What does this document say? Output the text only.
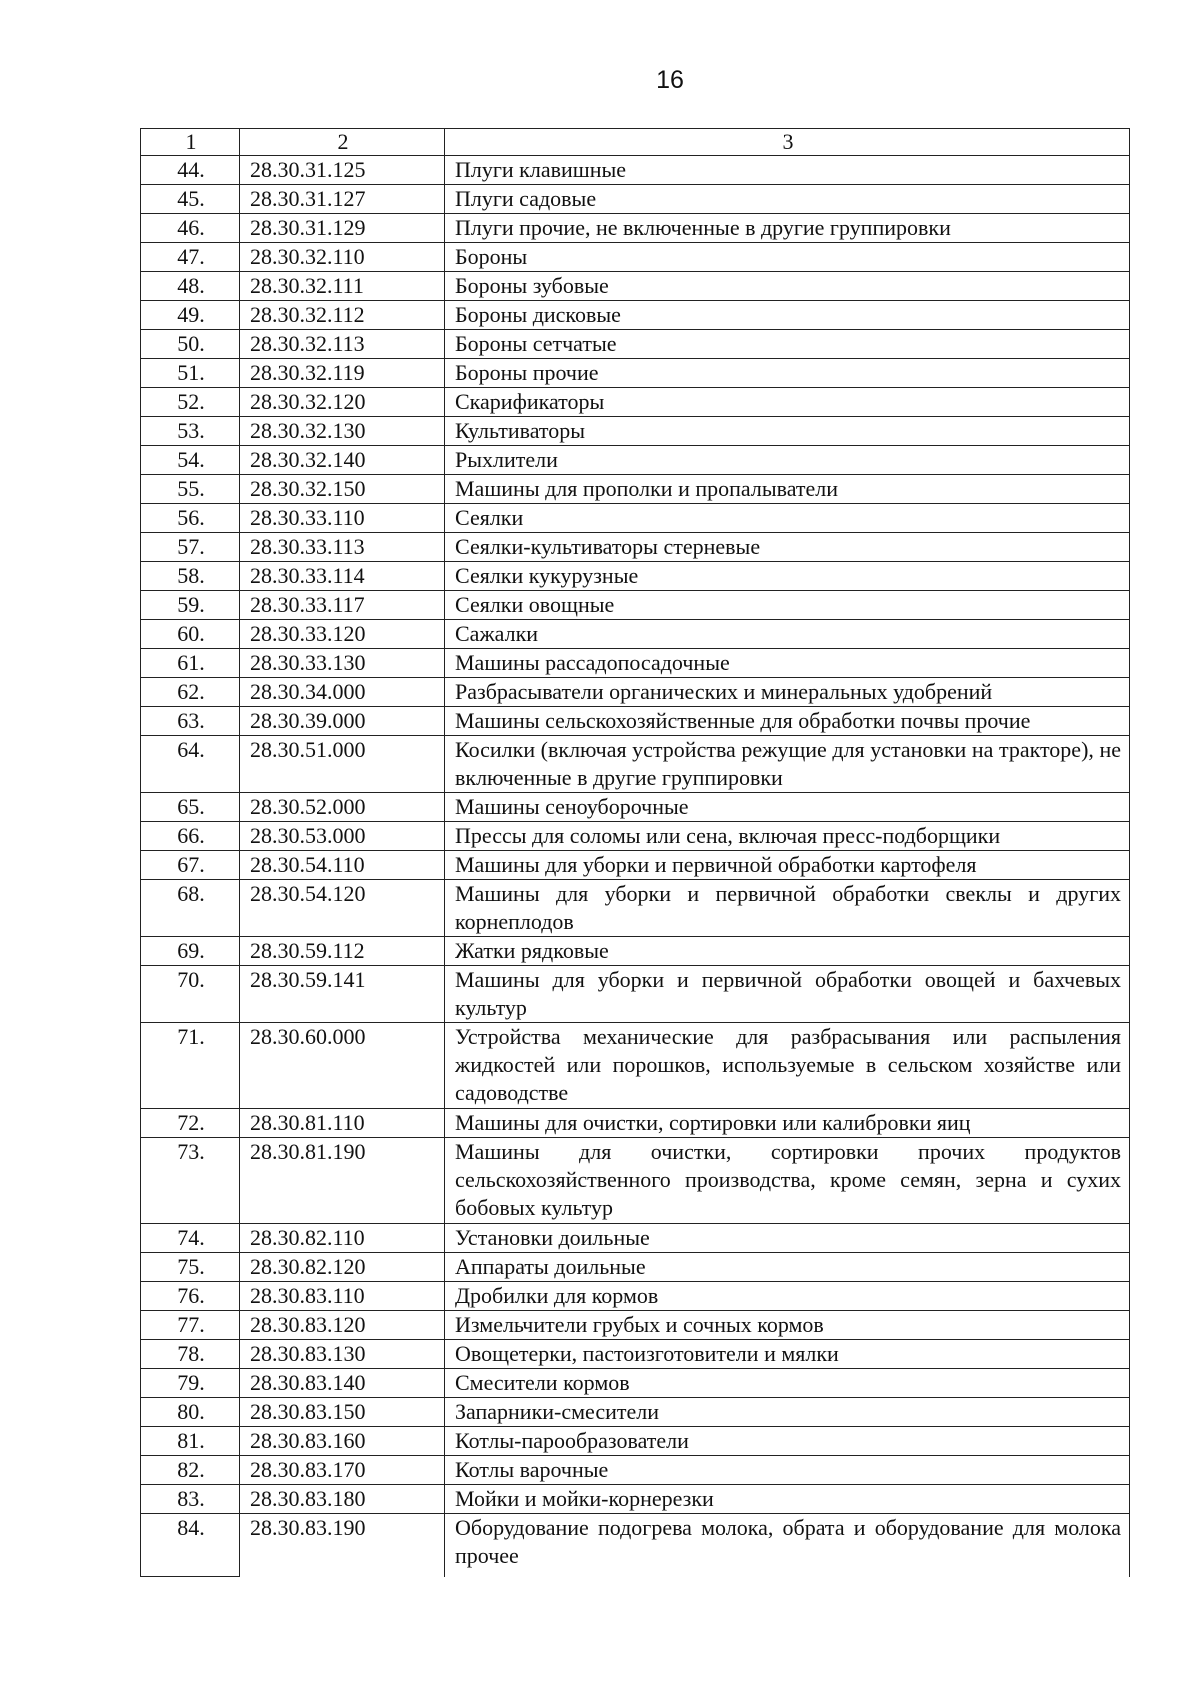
16
1	2	3
44.	28.30.31.125	Плуги клавишные
45.	28.30.31.127	Плуги садовые
46.	28.30.31.129	Плуги прочие, не включенные в другие группировки
47.	28.30.32.110	Бороны
48.	28.30.32.111	Бороны зубовые
49.	28.30.32.112	Бороны дисковые
50.	28.30.32.113	Бороны сетчатые
51.	28.30.32.119	Бороны прочие
52.	28.30.32.120	Скарификаторы
53.	28.30.32.130	Культиваторы
54.	28.30.32.140	Рыхлители
55.	28.30.32.150	Машины для прополки и пропалыватели
56.	28.30.33.110	Сеялки
57.	28.30.33.113	Сеялки-культиваторы стерневые
58.	28.30.33.114	Сеялки кукурузные
59.	28.30.33.117	Сеялки овощные
60.	28.30.33.120	Сажалки
61.	28.30.33.130	Машины рассадопосадочные
62.	28.30.34.000	Разбрасыватели органических и минеральных удобрений
63.	28.30.39.000	Машины сельскохозяйственные для обработки почвы прочие
64.	28.30.51.000	Косилки (включая устройства режущие для установки на тракторе), не включенные в другие группировки
65.	28.30.52.000	Машины сеноуборочные
66.	28.30.53.000	Прессы для соломы или сена, включая пресс-подборщики
67.	28.30.54.110	Машины для уборки и первичной обработки картофеля
68.	28.30.54.120	Машины для уборки и первичной обработки свеклы и других корнеплодов
69.	28.30.59.112	Жатки рядковые
70.	28.30.59.141	Машины для уборки и первичной обработки овощей и бахчевых культур
71.	28.30.60.000	Устройства механические для разбрасывания или распыления жидкостей или порошков, используемые в сельском хозяйстве или садоводстве
72.	28.30.81.110	Машины для очистки, сортировки или калибровки яиц
73.	28.30.81.190	Машины для очистки, сортировки прочих продуктов сельскохозяйственного производства, кроме семян, зерна и сухих бобовых культур
74.	28.30.82.110	Установки доильные
75.	28.30.82.120	Аппараты доильные
76.	28.30.83.110	Дробилки для кормов
77.	28.30.83.120	Измельчители грубых и сочных кормов
78.	28.30.83.130	Овощетерки, пастоизготовители и мялки
79.	28.30.83.140	Смесители кормов
80.	28.30.83.150	Запарники-смесители
81.	28.30.83.160	Котлы-парообразователи
82.	28.30.83.170	Котлы варочные
83.	28.30.83.180	Мойки и мойки-корнерезки
84.	28.30.83.190	Оборудование подогрева молока, обрата и оборудование для молока прочее
